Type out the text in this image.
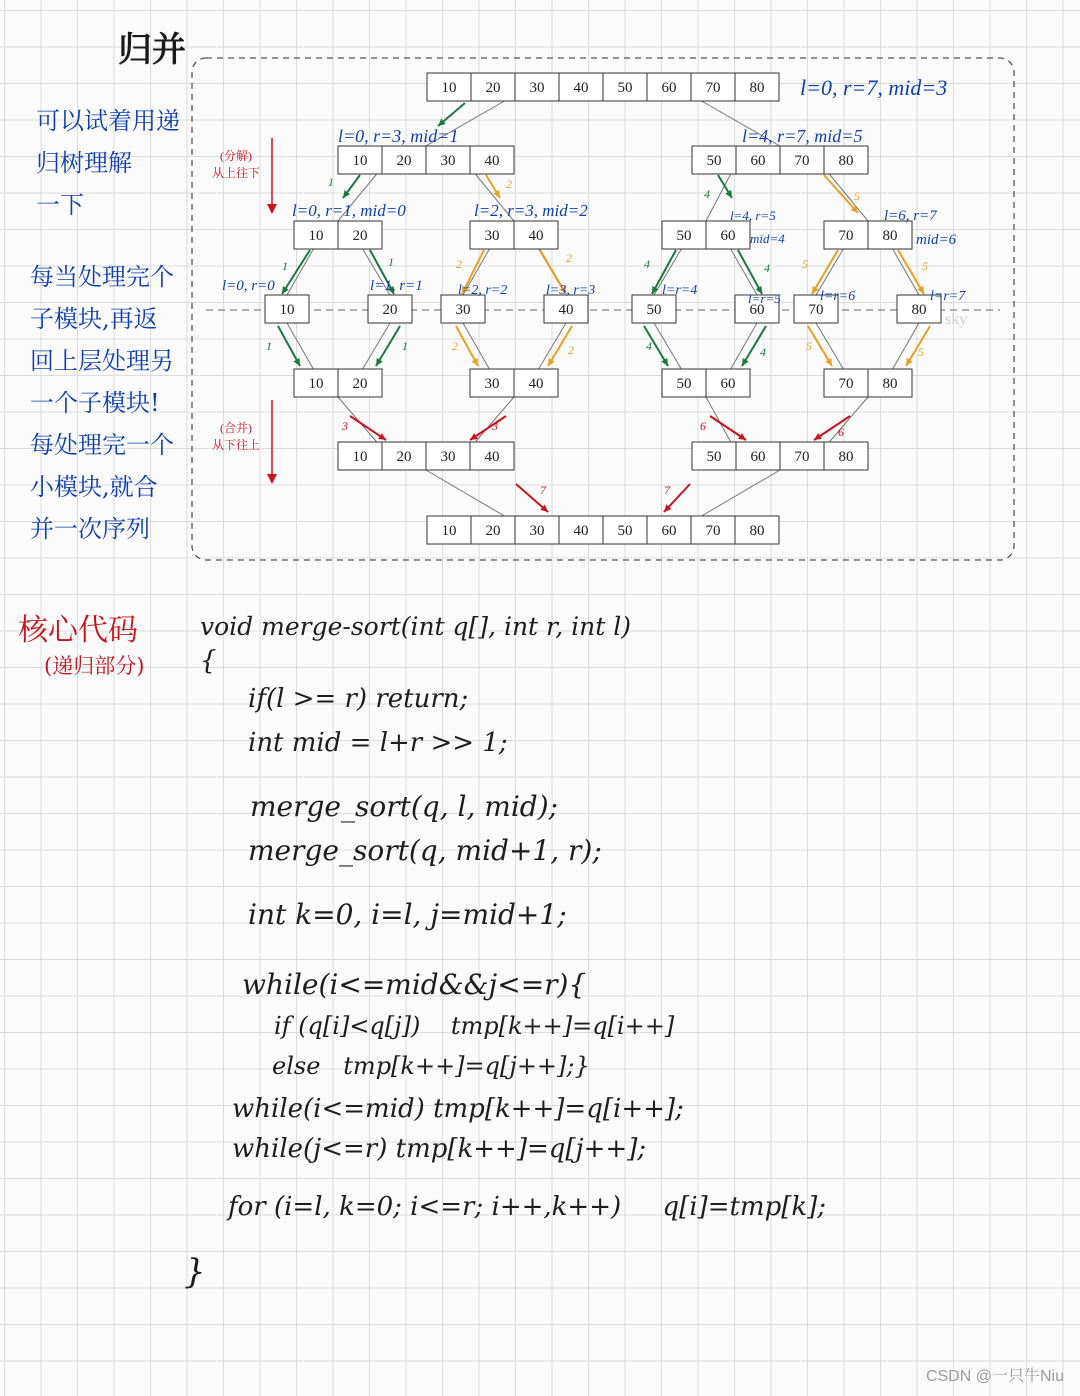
归并
可以试着用递
归树理解
一下
每当处理完个
子模块,再返
回上层处理另
一个子模块!
每处理完一个
小模块,就合
并一次序列
核心代码
(递归部分)
(分解)
从上往下
(合并)
从下往上
1	2
4	5
1	1	2	2	4	4	5	5
1	1	2	2	4	4	5	5
3	3	6	6
7	7
10 20 30 40 50 60 70 80
10 20 30 40	50 60 70 80
10 20	30 40	50 60	70 80
10	20	30	40	50	60	70	80
10 20	30 40	50 60	70 80
10 20 30 40	50 60 70 80
10 20 30 40 50 60 70 80
l=0, r=7, mid=3
l=0, r=3, mid=1	l=4, r=7, mid=5
l=0, r=1, mid=0	l=2, r=3, mid=2	l=4, r=5
mid=4
l=6, r=7
mid=6
l=0, r=0	l=1, r=1	l=2, r=2	l=3, r=3	l=r=4
l=r=5	l=r=6	l=r=7
sky
void merge-sort(int q[], int r, int l)
{
if(l >= r) return;
int mid = l+r >> 1;
merge_sort(q, l, mid);
merge_sort(q, mid+1, r);
int k=0, i=l, j=mid+1;
while(i<=mid&&j<=r){
if (q[i]<q[j])    tmp[k++]=q[i++]
else   tmp[k++]=q[j++];}
while(i<=mid) tmp[k++]=q[i++];
while(j<=r) tmp[k++]=q[j++];
for (i=l, k=0; i<=r; i++,k++)     q[i]=tmp[k];
}
CSDN @一只牛Niu
